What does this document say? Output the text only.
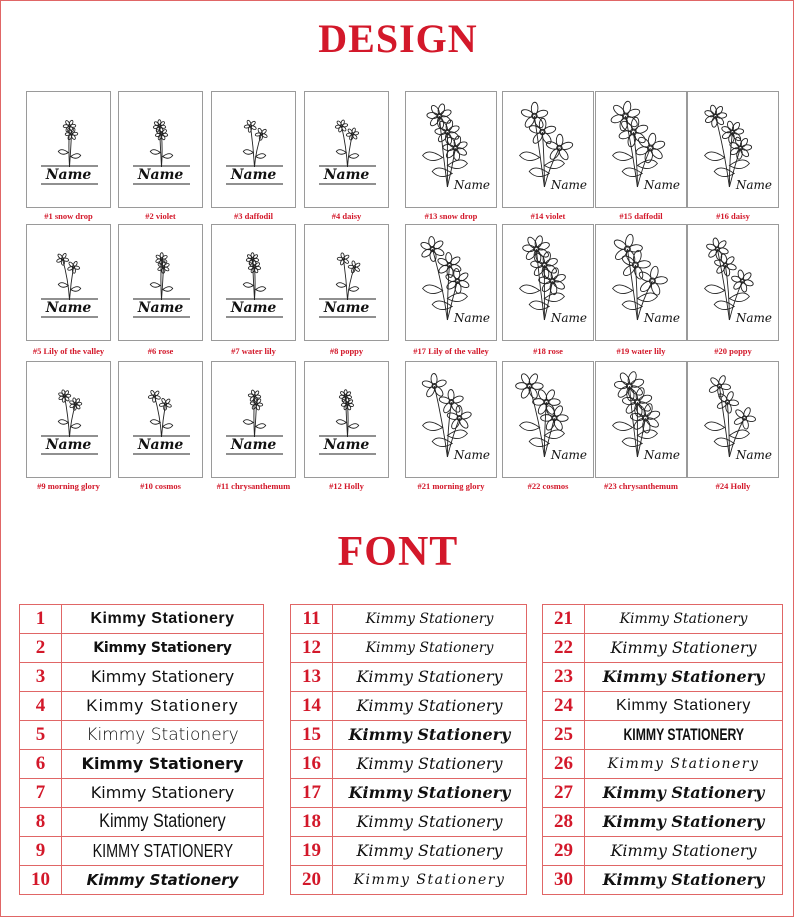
DESIGN
Name
#1 snow drop
Name
#2 violet
Name
#3 daffodil
Name
#4 daisy
Name
#13 snow drop
Name
#14 violet
Name
#15 daffodil
Name
#16 daisy
Name
#5 Lily of the valley
Name
#6 rose
Name
#7 water lily
Name
#8 poppy
Name
#17 Lily of the valley
Name
#18 rose
Name
#19 water lily
Name
#20 poppy
Name
#9 morning glory
Name
#10 cosmos
Name
#11 chrysanthemum
Name
#12 Holly
Name
#21 morning glory
Name
#22 cosmos
Name
#23 chrysanthemum
Name
#24 Holly
FONT
1	Kimmy Stationery
2	Kimmy Stationery
3	Kimmy Stationery
4	Kimmy Stationery
5	Kimmy Stationery
6	Kimmy Stationery
7	Kimmy Stationery
8	Kimmy Stationery
9	KIMMY STATIONERY
10	Kimmy Stationery
11	Kimmy Stationery
12	Kimmy Stationery
13	Kimmy Stationery
14	Kimmy Stationery
15	Kimmy Stationery
16	Kimmy Stationery
17	Kimmy Stationery
18	Kimmy Stationery
19	Kimmy Stationery
20	Kimmy Stationery
21	Kimmy Stationery
22	Kimmy Stationery
23	Kimmy Stationery
24	Kimmy Stationery
25	KIMMY STATIONERY
26	Kimmy Stationery
27	Kimmy Stationery
28	Kimmy Stationery
29	Kimmy Stationery
30	Kimmy Stationery
